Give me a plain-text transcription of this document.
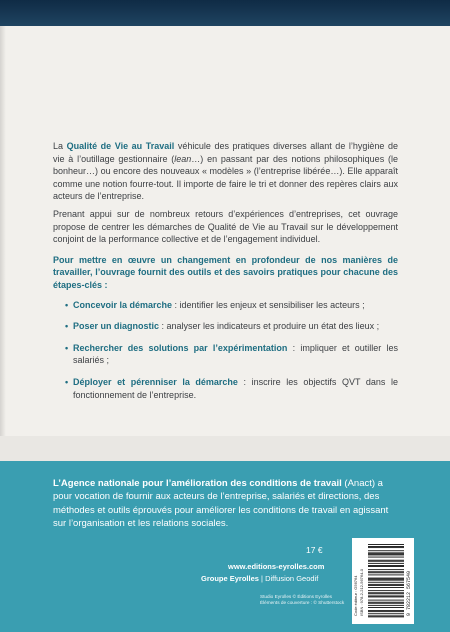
La Qualité de Vie au Travail véhicule des pratiques diverses allant de l’hygiène de vie à l’outillage gestionnaire (lean…) en passant par des notions philosophiques (le bonheur…) ou encore des nouveaux « modèles » (l’entreprise libérée…). Elle apparaît comme une notion fourre-tout. Il importe de faire le tri et donner des repères clairs aux acteurs de l’entreprise.

Prenant appui sur de nombreux retours d’expériences d’entreprises, cet ouvrage propose de centrer les démarches de Qualité de Vie au Travail sur le développement conjoint de la performance collective et de l’engagement individuel.

Pour mettre en œuvre un changement en profondeur de nos manières de travailler, l’ouvrage fournit des outils et des savoirs pratiques pour chacune des étapes-clés :

• Concevoir la démarche : identifier les enjeux et sensibiliser les acteurs ;
• Poser un diagnostic : analyser les indicateurs et produire un état des lieux ;
• Rechercher des solutions par l’expérimentation : impliquer et outiller les salariés ;
• Déployer et pérenniser la démarche : inscrire les objectifs QVT dans le fonctionnement de l’entreprise.
L’Agence nationale pour l’amélioration des conditions de travail (Anact) a pour vocation de fournir aux acteurs de l’entreprise, salariés et directions, des méthodes et outils éprouvés pour améliorer les conditions de travail en agissant sur l’organisation et les relations sociales.
17 €
www.editions-eyrolles.com
Groupe Eyrolles | Diffusion Geodif
Studio Eyrolles © Éditions Eyrolles
Éléments de couverture : © Shutterstock Code éditeur : G56764 ISBN : 978-2-212-56764-0	9 782212 567540
